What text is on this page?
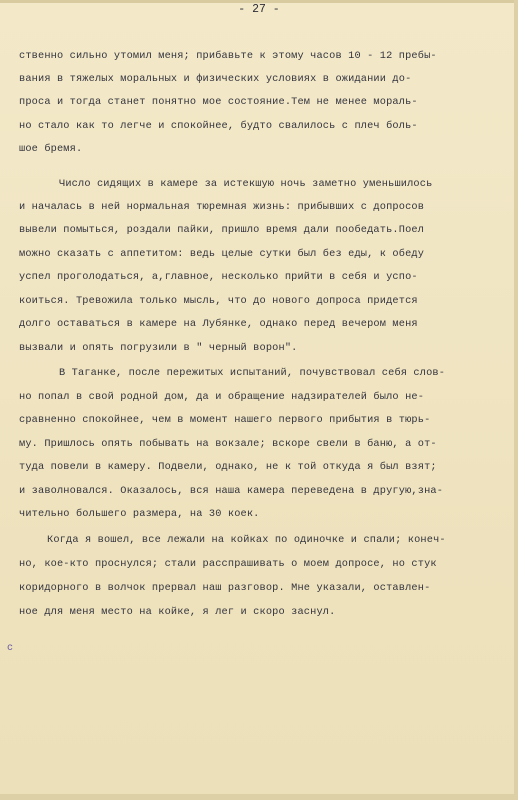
- 27 -
ственно сильно утомил меня; прибавьте к этому часов 10 - 12 пребы-
вания в тяжелых моральных и физических условиях в ожидании до-
проса и тогда станет понятно мое состояние.Тем не менее мораль-
но стало как то легче и спокойнее, будто свалилось с плеч боль-
шое бремя.
Число сидящих в камере за истекшую ночь заметно уменьшилось
и началась в ней нормальная тюремная жизнь: прибывших с допросов
вывели помыться, роздали пайки, пришло время дали пообедать.Поел
можно сказать с аппетитом: ведь целые сутки был без еды, к обеду
успел проголодаться, а,главное, несколько прийти в себя и успо-
коиться. Тревожила только мысль, что до нового допроса придется
долго оставаться в камере на Лубянке, однако перед вечером меня
вызвали и опять погрузили в " черный ворон".
В Таганке, после пережитых испытаний, почувствовал себя слов-
но попал в свой родной дом, да и обращение надзирателей было не-
сравненно спокойнее, чем в момент нашего первого прибытия в тюрь-
му. Пришлось опять побывать на вокзале; вскоре свели в баню, а от-
туда повели в камеру. Подвели, однако, не к той откуда я был взят;
и заволновался. Оказалось, вся наша камера переведена в другую,зна-
чительно большего размера, на 30 коек.
Когда я вошел, все лежали на койках по одиночке и спали; конеч-
но, кое-кто проснулся; стали расспрашивать о моем допросе, но стук
коридорного в волчок прервал наш разговор. Мне указали, оставлен-
ное для меня место на койке, я лег и скоро заснул.
c
